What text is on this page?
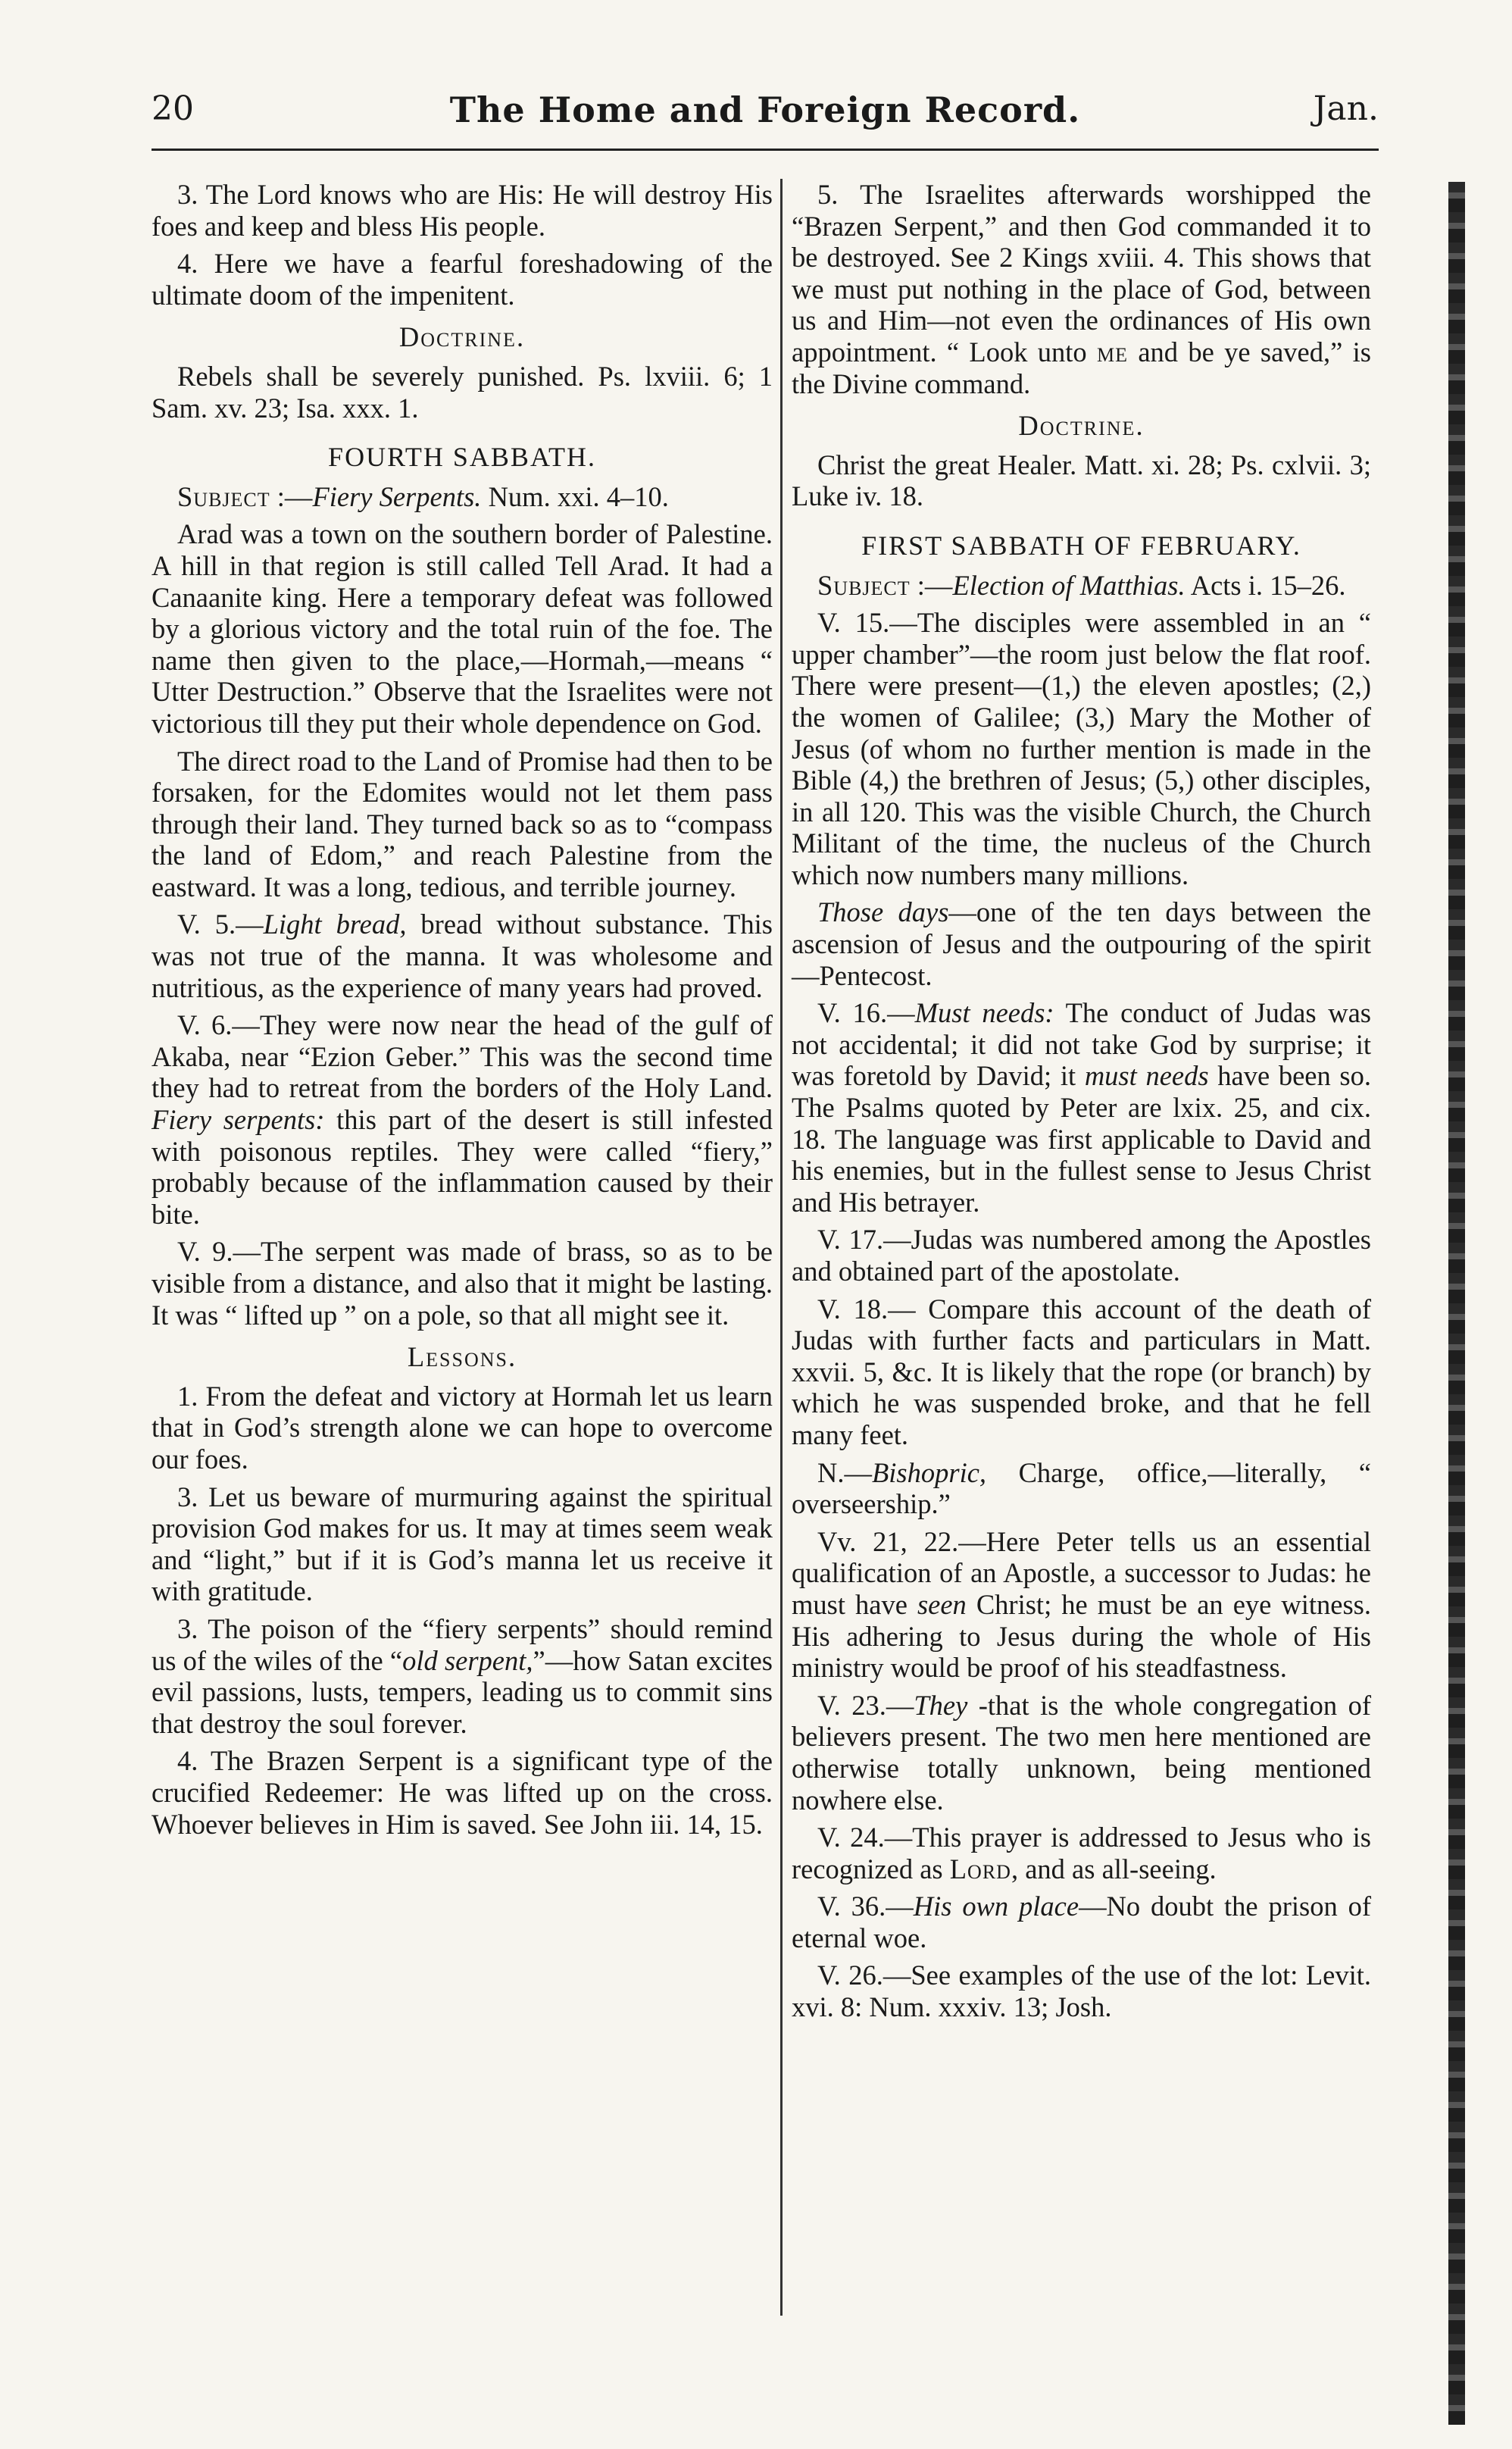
20	The Home and Foreign Record.	Jan.

3. The Lord knows who are His: He will destroy His foes and keep and bless His people.

4. Here we have a fearful foreshadowing of the ultimate doom of the impenitent.

Doctrine.

Rebels shall be severely punished. Ps. lxviii. 6; 1 Sam. xv. 23; Isa. xxx. 1.

FOURTH SABBATH.

Subject :—Fiery Serpents. Num. xxi. 4–10.

Arad was a town on the southern border of Palestine. A hill in that region is still called Tell Arad. It had a Canaanite king. Here a temporary defeat was followed by a glorious victory and the total ruin of the foe. The name then given to the place,—Hormah,—means “ Utter Destruction.” Observe that the Israelites were not victorious till they put their whole dependence on God.

The direct road to the Land of Promise had then to be forsaken, for the Edomites would not let them pass through their land. They turned back so as to “compass the land of Edom,” and reach Palestine from the eastward. It was a long, tedious, and terrible journey.

V. 5.—Light bread, bread without substance. This was not true of the manna. It was wholesome and nutritious, as the experience of many years had proved.

V. 6.—They were now near the head of the gulf of Akaba, near “Ezion Geber.” This was the second time they had to retreat from the borders of the Holy Land. Fiery serpents: this part of the desert is still infested with poisonous reptiles. They were called “fiery,” probably because of the inflammation caused by their bite.

V. 9.—The serpent was made of brass, so as to be visible from a distance, and also that it might be lasting. It was “ lifted up ” on a pole, so that all might see it.

Lessons.

1. From the defeat and victory at Hormah let us learn that in God’s strength alone we can hope to overcome our foes.

3. Let us beware of murmuring against the spiritual provision God makes for us. It may at times seem weak and “light,” but if it is God’s manna let us receive it with gratitude.

3. The poison of the “fiery serpents” should remind us of the wiles of the “old serpent,”—how Satan excites evil passions, lusts, tempers, leading us to commit sins that destroy the soul forever.

4. The Brazen Serpent is a significant type of the crucified Redeemer: He was lifted up on the cross. Whoever believes in Him is saved. See John iii. 14, 15.

5. The Israelites afterwards worshipped the “Brazen Serpent,” and then God commanded it to be destroyed. See 2 Kings xviii. 4. This shows that we must put nothing in the place of God, between us and Him—not even the ordinances of His own appointment. “ Look unto me and be ye saved,” is the Divine command.

Doctrine.

Christ the great Healer. Matt. xi. 28; Ps. cxlvii. 3; Luke iv. 18.

FIRST SABBATH OF FEBRUARY.

Subject :—Election of Matthias. Acts i. 15–26.

V. 15.—The disciples were assembled in an “ upper chamber”—the room just below the flat roof. There were present—(1,) the eleven apostles; (2,) the women of Galilee; (3,) Mary the Mother of Jesus (of whom no further mention is made in the Bible (4,) the brethren of Jesus; (5,) other disciples, in all 120. This was the visible Church, the Church Militant of the time, the nucleus of the Church which now numbers many millions.

Those days—one of the ten days between the ascension of Jesus and the outpouring of the spirit—Pentecost.

V. 16.—Must needs: The conduct of Judas was not accidental; it did not take God by surprise; it was foretold by David; it must needs have been so. The Psalms quoted by Peter are lxix. 25, and cix. 18. The language was first applicable to David and his enemies, but in the fullest sense to Jesus Christ and His betrayer.

V. 17.—Judas was numbered among the Apostles and obtained part of the apostolate.

V. 18.— Compare this account of the death of Judas with further facts and particulars in Matt. xxvii. 5, &c. It is likely that the rope (or branch) by which he was suspended broke, and that he fell many feet.

N.—Bishopric, Charge, office,—literally, “ overseership.”

Vv. 21, 22.—Here Peter tells us an essential qualification of an Apostle, a successor to Judas: he must have seen Christ; he must be an eye witness. His adhering to Jesus during the whole of His ministry would be proof of his steadfastness.

V. 23.—They -that is the whole congregation of believers present. The two men here mentioned are otherwise totally unknown, being mentioned nowhere else.

V. 24.—This prayer is addressed to Jesus who is recognized as Lord, and as all-seeing.

V. 36.—His own place—No doubt the prison of eternal woe.

V. 26.—See examples of the use of the lot: Levit. xvi. 8: Num. xxxiv. 13; Josh.
